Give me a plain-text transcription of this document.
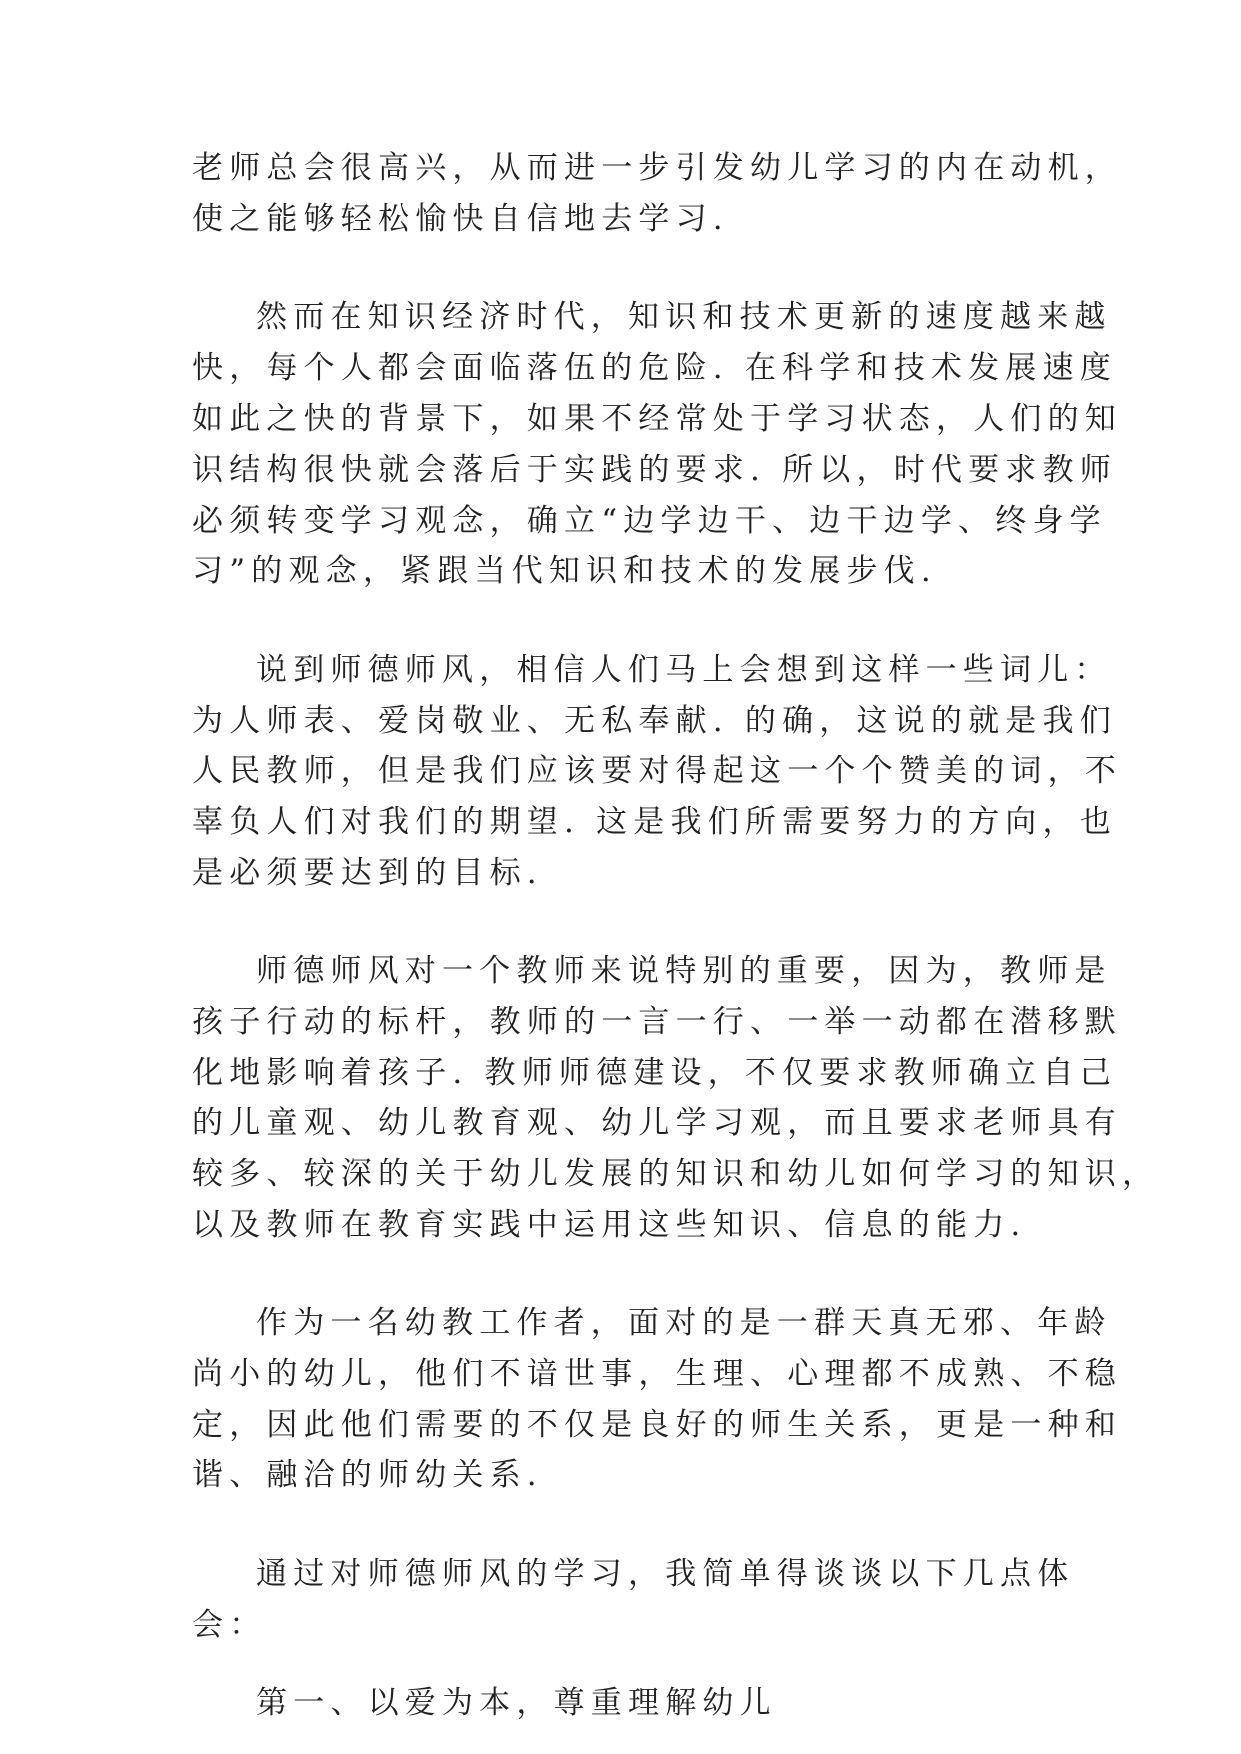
老师总会很高兴，从而进一步引发幼儿学习的内在动机，
使之能够轻松愉快自信地去学习.
然而在知识经济时代，知识和技术更新的速度越来越
快，每个人都会面临落伍的危险. 在科学和技术发展速度
如此之快的背景下，如果不经常处于学习状态，人们的知
识结构很快就会落后于实践的要求. 所以，时代要求教师
必须转变学习观念，确立“边学边干、边干边学、终身学
习”的观念，紧跟当代知识和技术的发展步伐.
说到师德师风，相信人们马上会想到这样一些词儿：
为人师表、爱岗敬业、无私奉献. 的确，这说的就是我们
人民教师，但是我们应该要对得起这一个个赞美的词，不
辜负人们对我们的期望. 这是我们所需要努力的方向，也
是必须要达到的目标.
师德师风对一个教师来说特别的重要，因为，教师是
孩子行动的标杆，教师的一言一行、一举一动都在潜移默
化地影响着孩子. 教师师德建设，不仅要求教师确立自己
的儿童观、幼儿教育观、幼儿学习观，而且要求老师具有
较多、较深的关于幼儿发展的知识和幼儿如何学习的知识，
以及教师在教育实践中运用这些知识、信息的能力.
作为一名幼教工作者，面对的是一群天真无邪、年龄
尚小的幼儿，他们不谙世事，生理、心理都不成熟、不稳
定，因此他们需要的不仅是良好的师生关系，更是一种和
谐、融洽的师幼关系.
通过对师德师风的学习，我简单得谈谈以下几点体
会：
第一、以爱为本，尊重理解幼儿
